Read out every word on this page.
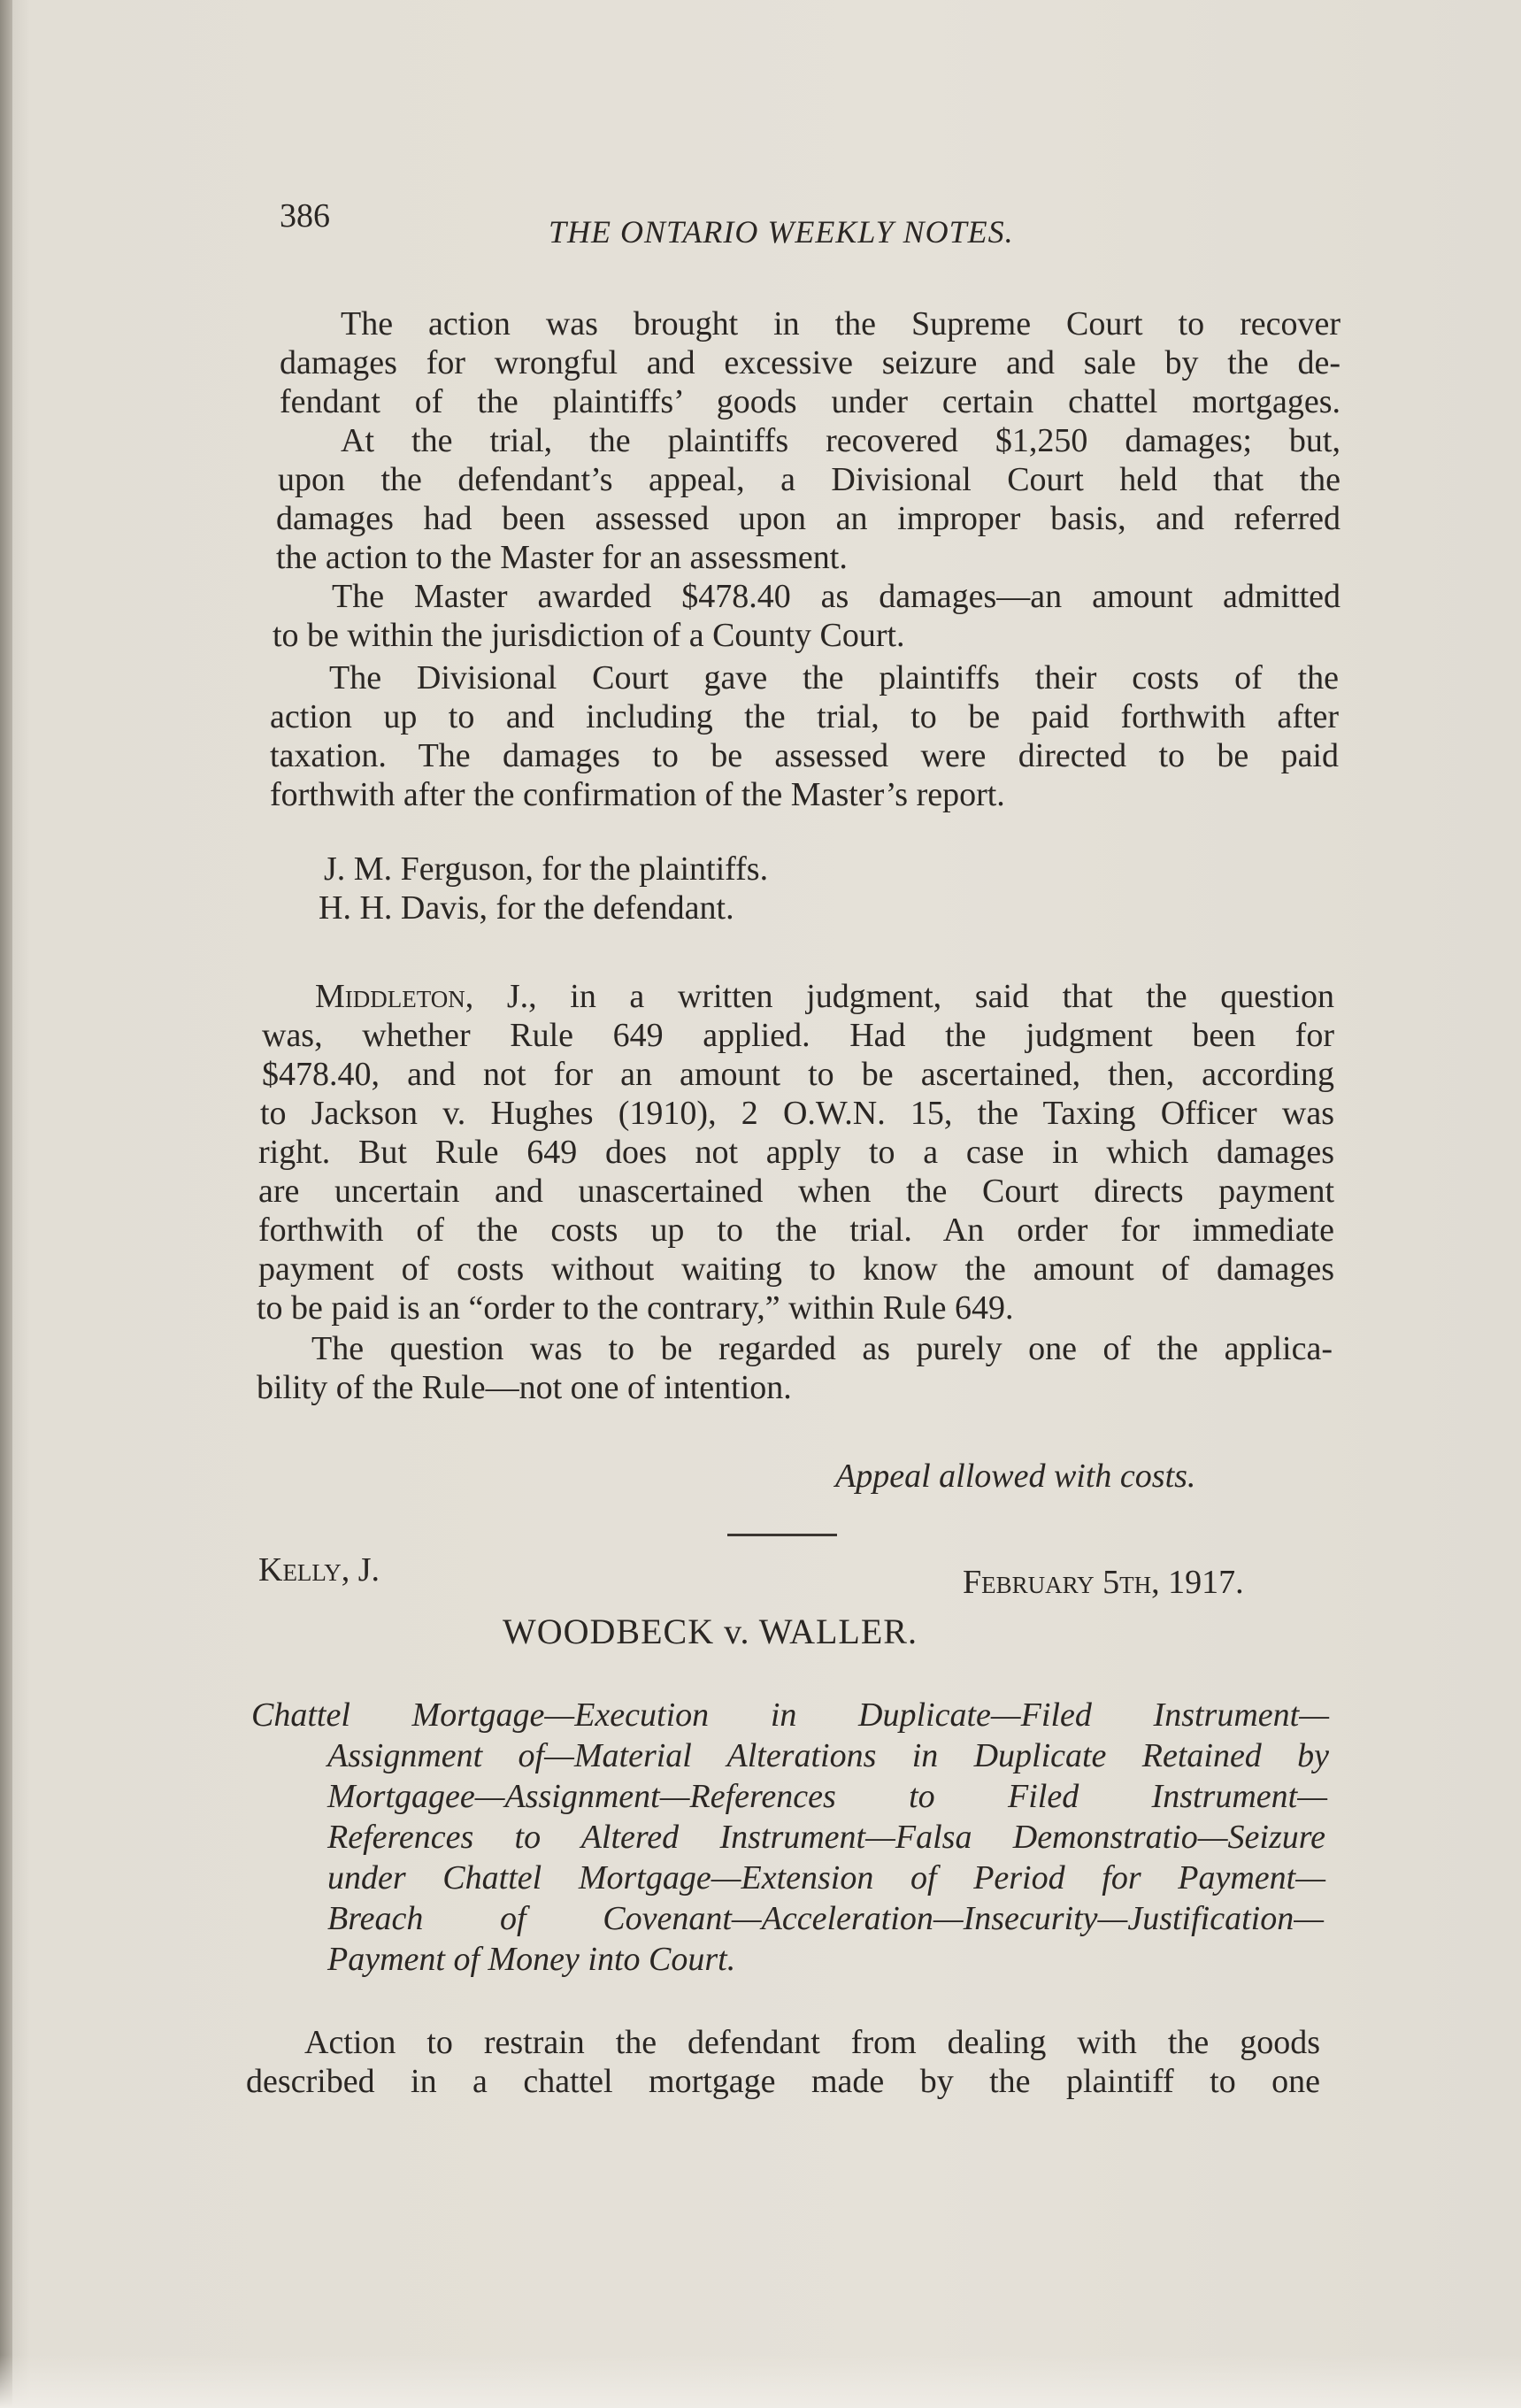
386	THE ONTARIO WEEKLY NOTES.
The action was brought in the Supreme Court to recover
damages for wrongful and excessive seizure and sale by the de-
fendant of the plaintiffs’ goods under certain chattel mortgages.
At the trial, the plaintiffs recovered $1,250 damages; but,
upon the defendant’s appeal, a Divisional Court held that the
damages had been assessed upon an improper basis, and referred
the action to the Master for an assessment.
The Master awarded $478.40 as damages—an amount admitted
to be within the jurisdiction of a County Court.
The Divisional Court gave the plaintiffs their costs of the
action up to and including the trial, to be paid forthwith after
taxation. The damages to be assessed were directed to be paid
forthwith after the confirmation of the Master’s report.
J. M. Ferguson, for the plaintiffs.
H. H. Davis, for the defendant.
Middleton, J., in a written judgment, said that the question
was, whether Rule 649 applied. Had the judgment been for
$478.40, and not for an amount to be ascertained, then, according
to Jackson v. Hughes (1910), 2 O.W.N. 15, the Taxing Officer was
right. But Rule 649 does not apply to a case in which damages
are uncertain and unascertained when the Court directs payment
forthwith of the costs up to the trial. An order for immediate
payment of costs without waiting to know the amount of damages
to be paid is an “order to the contrary,” within Rule 649.
The question was to be regarded as purely one of the applica-
bility of the Rule—not one of intention.
Appeal allowed with costs.
Kelly, J.	February 5th, 1917.
WOODBECK v. WALLER.
Chattel Mortgage—Execution in Duplicate—Filed Instrument—
Assignment of—Material Alterations in Duplicate Retained by
Mortgagee—Assignment—References to Filed Instrument—
References to Altered Instrument—Falsa Demonstratio—Seizure
under Chattel Mortgage—Extension of Period for Payment—
Breach of Covenant—Acceleration—Insecurity—Justification—
Payment of Money into Court.
Action to restrain the defendant from dealing with the goods
described in a chattel mortgage made by the plaintiff to one
